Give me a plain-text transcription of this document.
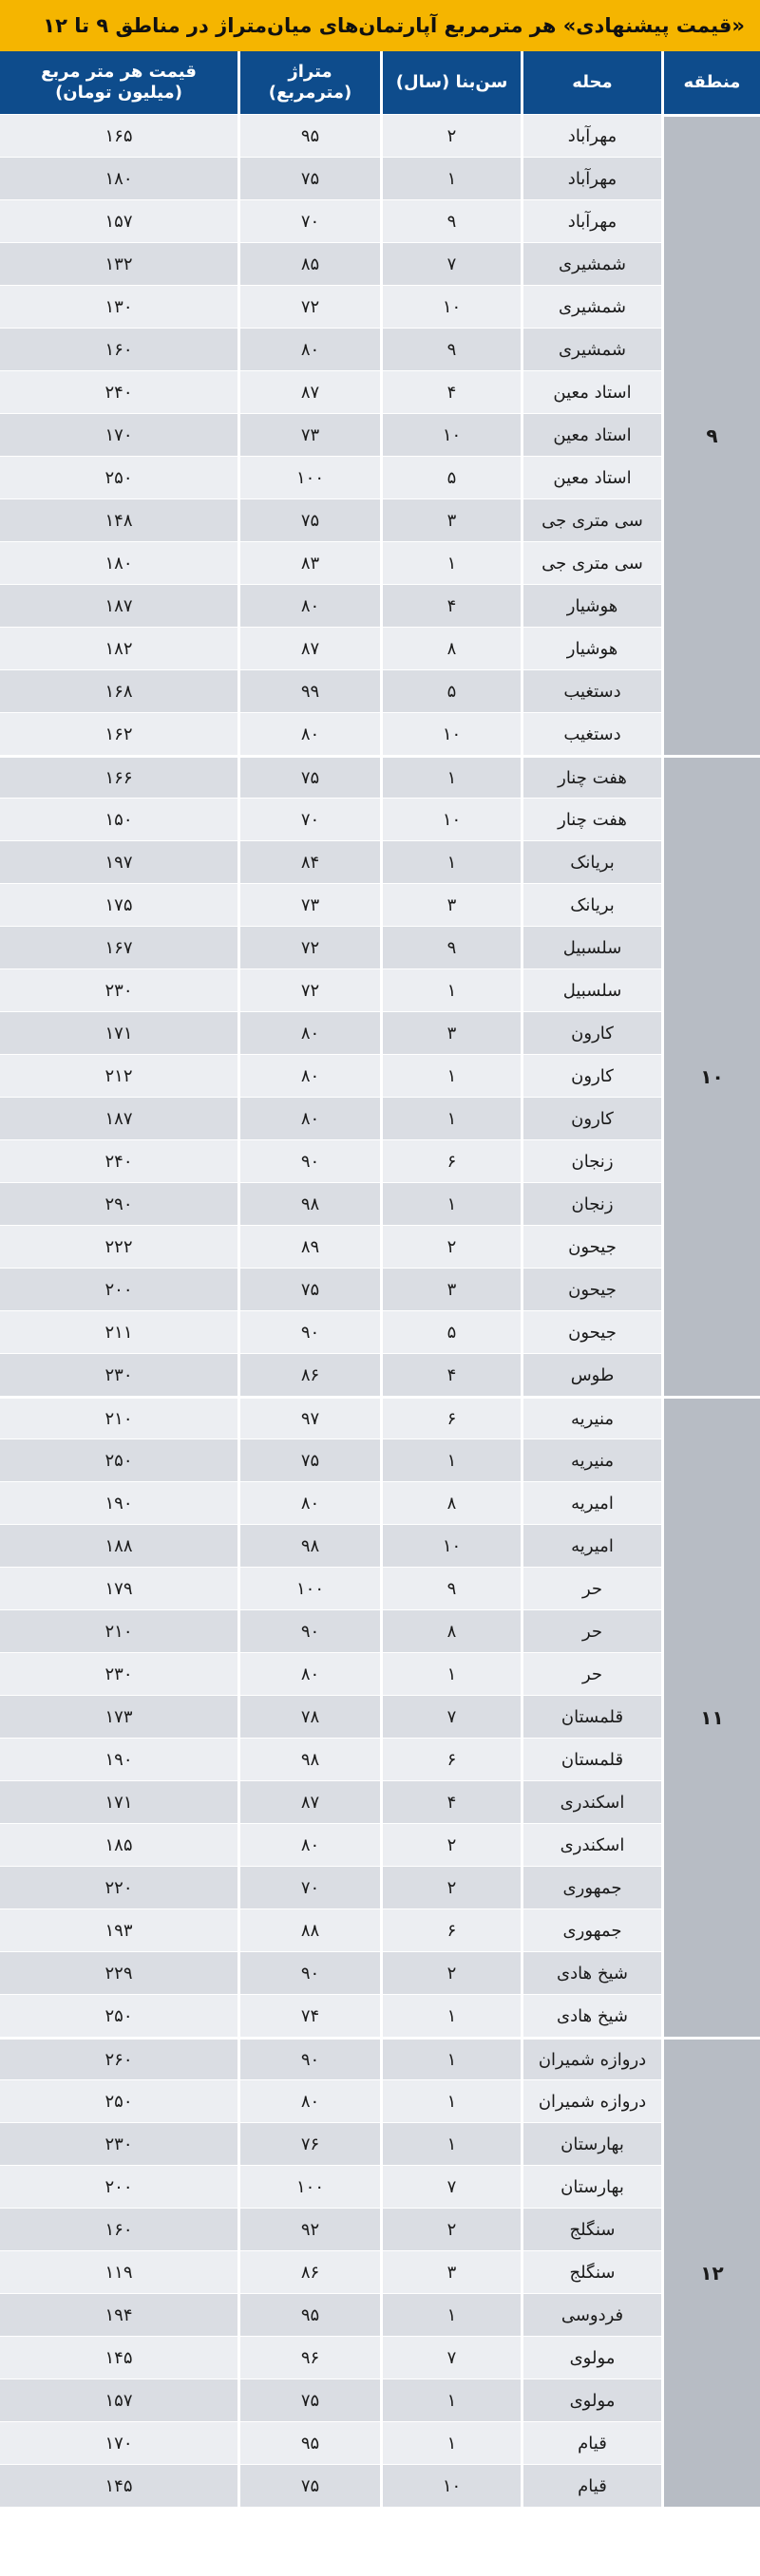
«قیمت پیشنهادی» هر مترمربع آپارتمان‌های میان‌متراژ در مناطق ۹ تا ۱۲
منطقه	محله	سن‌بنا (سال)	متراژ (مترمربع)	قیمت هر متر مربع (میلیون تومان)
۹	مهرآباد	۲	۹۵	۱۶۵
	مهرآباد	۱	۷۵	۱۸۰
	مهرآباد	۹	۷۰	۱۵۷
	شمشیری	۷	۸۵	۱۳۲
	شمشیری	۱۰	۷۲	۱۳۰
	شمشیری	۹	۸۰	۱۶۰
	استاد معین	۴	۸۷	۲۴۰
	استاد معین	۱۰	۷۳	۱۷۰
	استاد معین	۵	۱۰۰	۲۵۰
	سی متری جی	۳	۷۵	۱۴۸
	سی متری جی	۱	۸۳	۱۸۰
	هوشیار	۴	۸۰	۱۸۷
	هوشیار	۸	۸۷	۱۸۲
	دستغیب	۵	۹۹	۱۶۸
	دستغیب	۱۰	۸۰	۱۶۲
۱۰	هفت چنار	۱	۷۵	۱۶۶
	هفت چنار	۱۰	۷۰	۱۵۰
	بریانک	۱	۸۴	۱۹۷
	بریانک	۳	۷۳	۱۷۵
	سلسبیل	۹	۷۲	۱۶۷
	سلسبیل	۱	۷۲	۲۳۰
	کارون	۳	۸۰	۱۷۱
	کارون	۱	۸۰	۲۱۲
	کارون	۱	۸۰	۱۸۷
	زنجان	۶	۹۰	۲۴۰
	زنجان	۱	۹۸	۲۹۰
	جیحون	۲	۸۹	۲۲۲
	جیحون	۳	۷۵	۲۰۰
	جیحون	۵	۹۰	۲۱۱
	طوس	۴	۸۶	۲۳۰
۱۱	منیریه	۶	۹۷	۲۱۰
	منیریه	۱	۷۵	۲۵۰
	امیریه	۸	۸۰	۱۹۰
	امیریه	۱۰	۹۸	۱۸۸
	حر	۹	۱۰۰	۱۷۹
	حر	۸	۹۰	۲۱۰
	حر	۱	۸۰	۲۳۰
	قلمستان	۷	۷۸	۱۷۳
	قلمستان	۶	۹۸	۱۹۰
	اسکندری	۴	۸۷	۱۷۱
	اسکندری	۲	۸۰	۱۸۵
	جمهوری	۲	۷۰	۲۲۰
	جمهوری	۶	۸۸	۱۹۳
	شیخ هادی	۲	۹۰	۲۲۹
	شیخ هادی	۱	۷۴	۲۵۰
۱۲	دروازه شمیران	۱	۹۰	۲۶۰
	دروازه شمیران	۱	۸۰	۲۵۰
	بهارستان	۱	۷۶	۲۳۰
	بهارستان	۷	۱۰۰	۲۰۰
	سنگلج	۲	۹۲	۱۶۰
	سنگلج	۳	۸۶	۱۱۹
	فردوسی	۱	۹۵	۱۹۴
	مولوی	۷	۹۶	۱۴۵
	مولوی	۱	۷۵	۱۵۷
	قیام	۱	۹۵	۱۷۰
	قیام	۱۰	۷۵	۱۴۵
